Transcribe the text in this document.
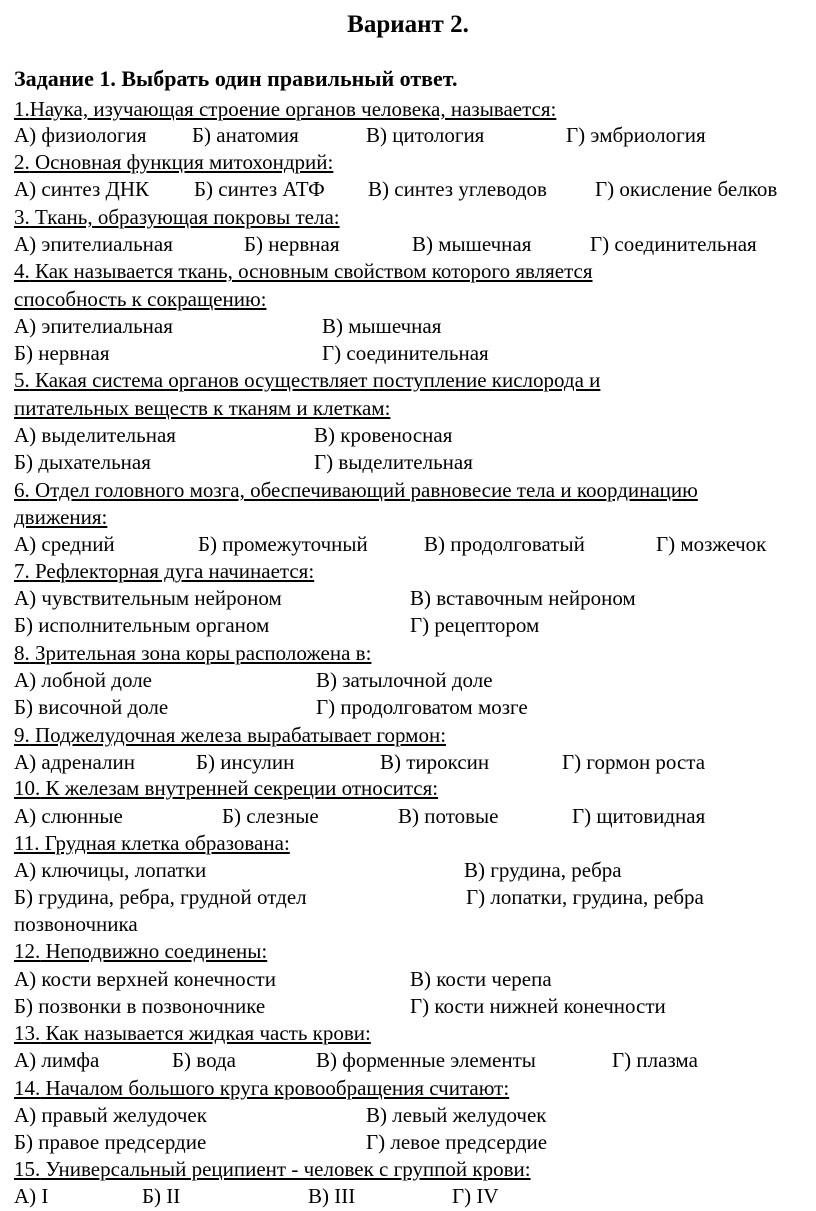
Вариант 2.
Задание 1. Выбрать один правильный ответ.
1.Наука, изучающая строение органов человека, называется:
А) физиология Б) анатомия	В) цитология	Г) эмбриология
2. Основная функция митохондрий:
А) синтез ДНК Б) синтез АТФ В) синтез углеводов Г) окисление белков
3. Ткань, образующая покровы тела:
А) эпителиальная	Б) нервная	В) мышечная	Г) соединительная
4. Как называется ткань, основным свойством которого является
способность к сокращению:
А) эпителиальная	В) мышечная
Б) нервная	Г) соединительная
5. Какая система органов осуществляет поступление кислорода и
питательных веществ к тканям и клеткам:
А) выделительная	В) кровеносная
Б) дыхательная	Г) выделительная
6. Отдел головного мозга, обеспечивающий равновесие тела и координацию
движения:
А) средний	Б) промежуточный	В) продолговатый	Г) мозжечок
7. Рефлекторная дуга начинается:
А) чувствительным нейроном	В) вставочным нейроном
Б) исполнительным органом	Г) рецептором
8. Зрительная зона коры расположена в:
А) лобной доле	В) затылочной доле
Б) височной доле	Г) продолговатом мозге
9. Поджелудочная железа вырабатывает гормон:
А) адреналин	Б) инсулин	В) тироксин	Г) гормон роста
10. К железам внутренней секреции относится:
А) слюнные	Б) слезные	В) потовые	Г) щитовидная
11. Грудная клетка образована:
А) ключицы, лопатки	В) грудина, ребра
Б) грудина, ребра, грудной отдел	Г) лопатки, грудина, ребра
позвоночника
12. Неподвижно соединены:
А) кости верхней конечности	В) кости черепа
Б) позвонки в позвоночнике	Г) кости нижней конечности
13. Как называется жидкая часть крови:
А) лимфа	Б) вода	В) форменные элементы	Г) плазма
14. Началом большого круга кровообращения считают:
А) правый желудочек	В) левый желудочек
Б) правое предсердие	Г) левое предсердие
15. Универсальный реципиент - человек с группой крови:
А) I	Б) II	В) III	Г) IV
